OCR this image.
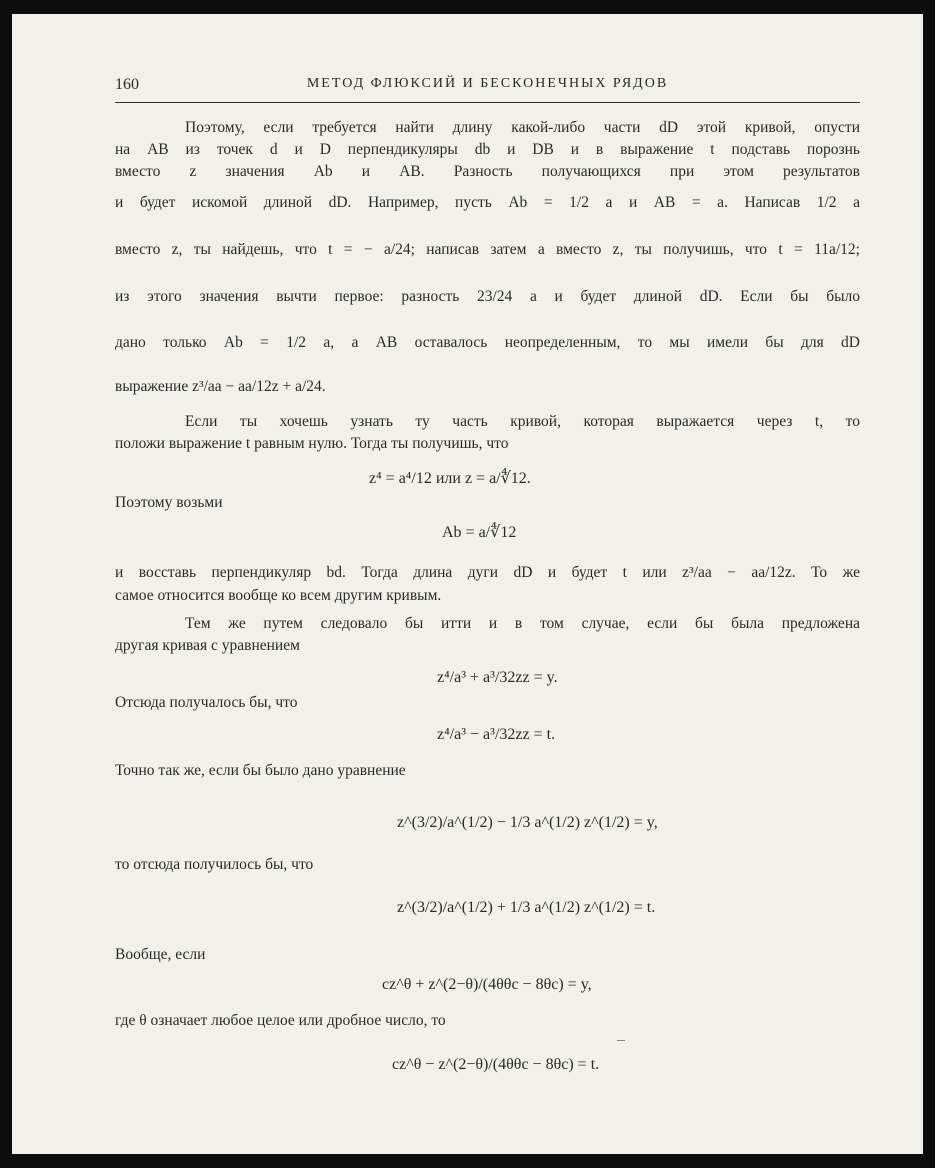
160	МЕТОД ФЛЮКСИЙ И БЕСКОНЕЧНЫХ РЯДОВ

Поэтому, если требуется найти длину какой-либо части dD этой кривой, опусти

на AB из точек d и D перпендикуляры db и DB и в выражение t подставь порознь

вместо z значения Ab и AB. Разность получающихся при этом результатов

и будет искомой длиной dD. Например, пусть Ab = 1/2 a и AB = a. Написав 1/2 a

вместо z, ты найдешь, что t = − a/24; написав затем a вместо z, ты получишь, что t = 11a/12;

из этого значения вычти первое: разность 23/24 a и будет длиной dD. Если бы было

дано только Ab = 1/2 a, а AB оставалось неопределенным, то мы имели бы для dD

выражение z³/aa − aa/12z + a/24.

Если ты хочешь узнать ту часть кривой, которая выражается через t, то

положи выражение t равным нулю. Тогда ты получишь, что

z⁴ = a⁴/12 или z = a/∜12.

Поэтому возьми

Ab = a/∜12

и восставь перпендикуляр bd. Тогда длина дуги dD и будет t или z³/aa − aa/12z. То же

самое относится вообще ко всем другим кривым.

Тем же путем следовало бы итти и в том случае, если бы была предложена

другая кривая с уравнением

z⁴/a³ + a³/32zz = y.

Отсюда получалось бы, что

z⁴/a³ − a³/32zz = t.

Точно так же, если бы было дано уравнение

z^(3/2)/a^(1/2) − 1/3 a^(1/2) z^(1/2) = y,

то отсюда получилось бы, что

z^(3/2)/a^(1/2) + 1/3 a^(1/2) z^(1/2) = t.

Вообще, если

cz^θ + z^(2−θ)/(4θθc − 8θc) = y,

где θ означает любое целое или дробное число, то

cz^θ − z^(2−θ)/(4θθc − 8θc) = t.
